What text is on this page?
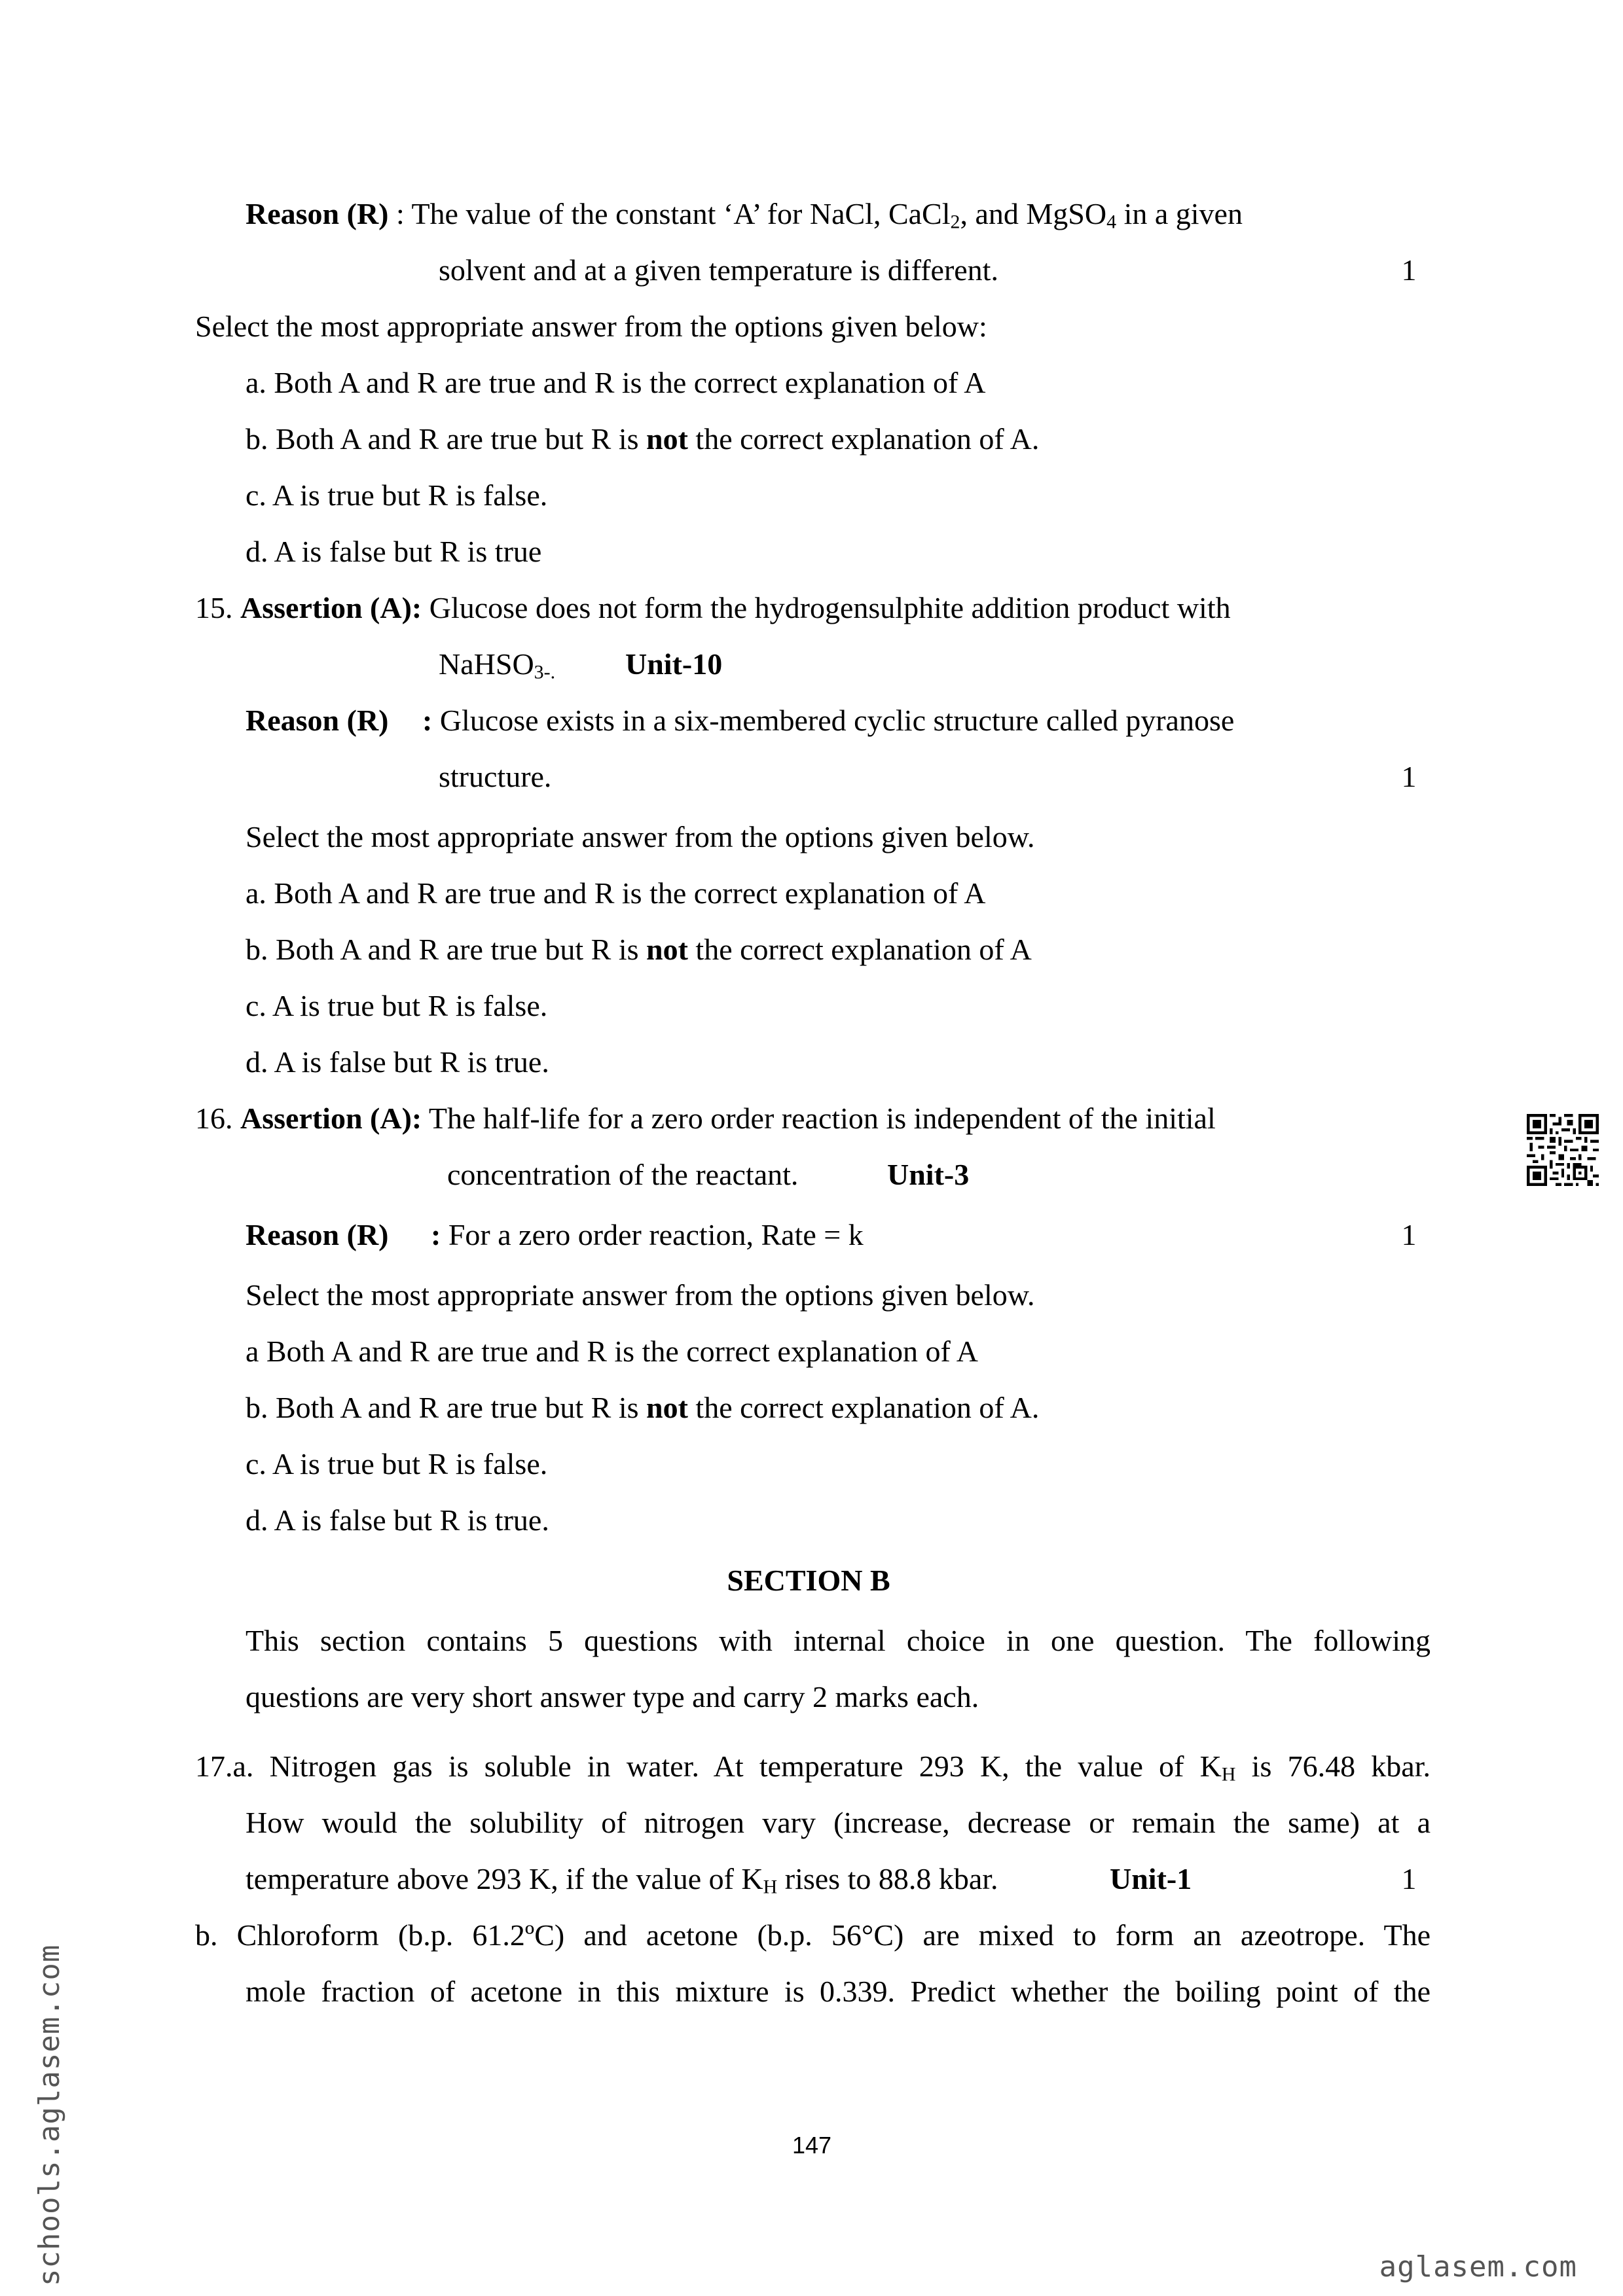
Reason (R) : The value of the constant ‘A’ for NaCl, CaCl$_2$, and MgSO$_4$ in a given
solvent and at a given temperature is different.	1
Select the most appropriate answer from the options given below:
a. Both A and R are true and R is the correct explanation of A
b. Both A and R are true but R is not the correct explanation of A.
c. A is true but R is false.
d. A is false but R is true
15. Assertion (A): Glucose does not form the hydrogensulphite addition product with
NaHSO$_{3-.}$ Unit-10
Reason (R) : Glucose exists in a six-membered cyclic structure called pyranose
structure.	1
Select the most appropriate answer from the options given below.
a. Both A and R are true and R is the correct explanation of A
b. Both A and R are true but R is not the correct explanation of A
c. A is true but R is false.
d. A is false but R is true.
16. Assertion (A): The half-life for a zero order reaction is independent of the initial
concentration of the reactant.	Unit-3
Reason (R) : For a zero order reaction, Rate = k	1
Select the most appropriate answer from the options given below.
a Both A and R are true and R is the correct explanation of A
b. Both A and R are true but R is not the correct explanation of A.
c. A is true but R is false.
d. A is false but R is true.
SECTION B
This section contains 5 questions with internal choice in one question. The following
questions are very short answer type and carry 2 marks each.
17. a. Nitrogen gas is soluble in water. At temperature 293 K, the value of $K_H$ is 76.48 kbar.
How would the solubility of nitrogen vary (increase, decrease or remain the same) at a
temperature above 293 K, if the value of $K_H$ rises to 88.8 kbar.	Unit-1	1
b. Chloroform (b.p. 61.2ºC) and acetone (b.p. 56°C) are mixed to form an azeotrope. The
mole fraction of acetone in this mixture is 0.339. Predict whether the boiling point of the
147
schools.aglasem.com	aglasem.com
